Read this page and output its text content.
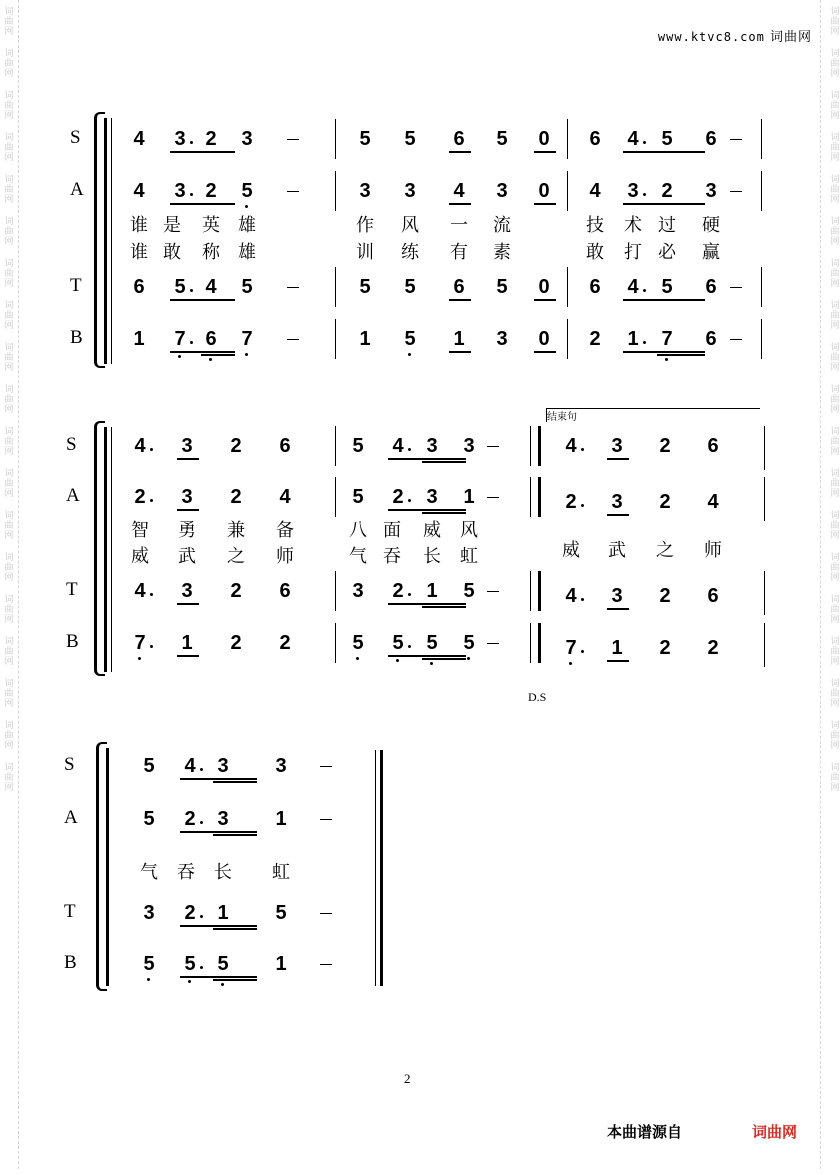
词曲网
词曲网
词曲网
词曲网
词曲网
词曲网
词曲网
词曲网
词曲网
词曲网
词曲网
词曲网
词曲网
词曲网
词曲网
词曲网
词曲网
词曲网
词曲网
词曲网
词曲网
词曲网
词曲网
词曲网
词曲网
词曲网
词曲网
词曲网
词曲网
词曲网
词曲网
词曲网
词曲网
词曲网
词曲网
词曲网
词曲网
词曲网
www.ktvc8.com 词曲网
S
A
T
B
4 3 2 3	5 5 6 5 0 6 4 5 6
4 3 2 5	3 3 4 3 0 4 3 2 3
6 5 4 5	5 5 6 5 0 6 4 5 6
1 7 6 7	1 5 1 3 0 2 1 7 6
谁 是 英 雄	作 风 一 流	技 术 过 硬
谁 敢 称 雄	训 练 有 素	敢 打 必 赢
S
A
T
B
4 3 2 6	5 4 3 3	4 3 2 6
2 3 2 4	5 2 3 1	2 3 2 4
4 3 2 6	3 2 1 5	4 3 2 6
7 1 2 2	5 5 5 5	7 1 2 2
智 勇 兼 备	八 面 威 风
威 武 之 师	气 吞 长 虹	威 武 之 师
S
A
T
B
5 4 3 3
5 2 3 1
3 2 1 5
5 5 5 1
气 吞 长 虹
结束句
D.S
2
本曲谱源自	词曲网
